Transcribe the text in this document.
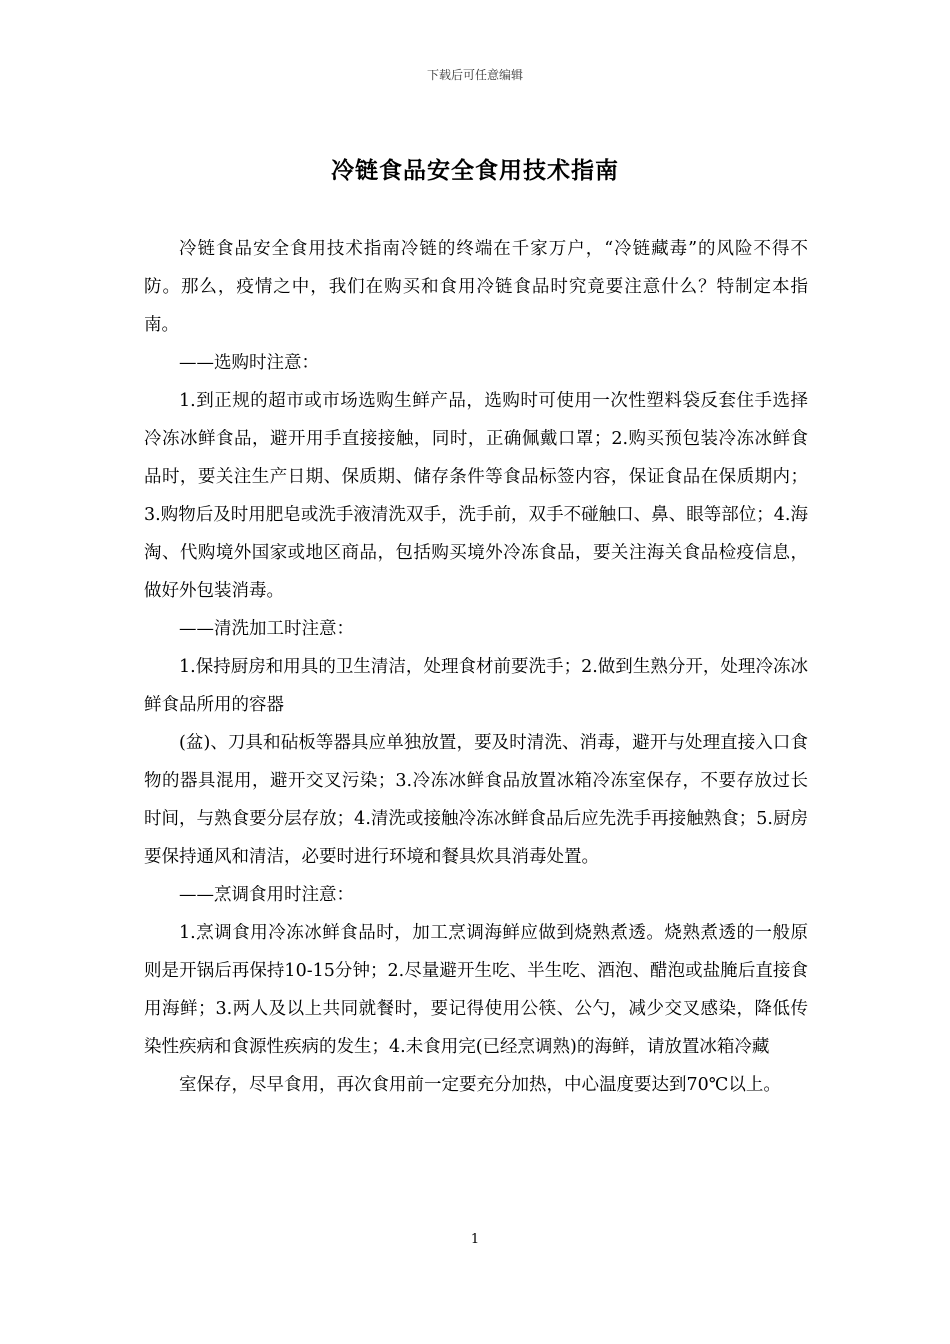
下载后可任意编辑
冷链食品安全食用技术指南

冷链食品安全食用技术指南冷链的终端在千家万户，“冷链藏毒”的风险不得不防。那么，疫情之中，我们在购买和食用冷链食品时究竟要注意什么？特制定本指南。

——选购时注意：

1.到正规的超市或市场选购生鲜产品，选购时可使用一次性塑料袋反套住手选择冷冻冰鲜食品，避开用手直接接触，同时，正确佩戴口罩；2.购买预包装冷冻冰鲜食品时，要关注生产日期、保质期、储存条件等食品标签内容，保证食品在保质期内；3.购物后及时用肥皂或洗手液清洗双手，洗手前，双手不碰触口、鼻、眼等部位；4.海淘、代购境外国家或地区商品，包括购买境外冷冻食品，要关注海关食品检疫信息，做好外包装消毒。

——清洗加工时注意：

1.保持厨房和用具的卫生清洁，处理食材前要洗手；2.做到生熟分开，处理冷冻冰鲜食品所用的容器

(盆)、刀具和砧板等器具应单独放置，要及时清洗、消毒，避开与处理直接入口食物的器具混用，避开交叉污染；3.冷冻冰鲜食品放置冰箱冷冻室保存，不要存放过长时间，与熟食要分层存放；4.清洗或接触冷冻冰鲜食品后应先洗手再接触熟食；5.厨房要保持通风和清洁，必要时进行环境和餐具炊具消毒处置。

——烹调食用时注意：

1.烹调食用冷冻冰鲜食品时，加工烹调海鲜应做到烧熟煮透。烧熟煮透的一般原则是开锅后再保持10-15分钟；2.尽量避开生吃、半生吃、酒泡、醋泡或盐腌后直接食用海鲜；3.两人及以上共同就餐时，要记得使用公筷、公勺，减少交叉感染，降低传染性疾病和食源性疾病的发生；4.未食用完(已经烹调熟)的海鲜，请放置冰箱冷藏

室保存，尽早食用，再次食用前一定要充分加热，中心温度要达到70℃以上。

1
